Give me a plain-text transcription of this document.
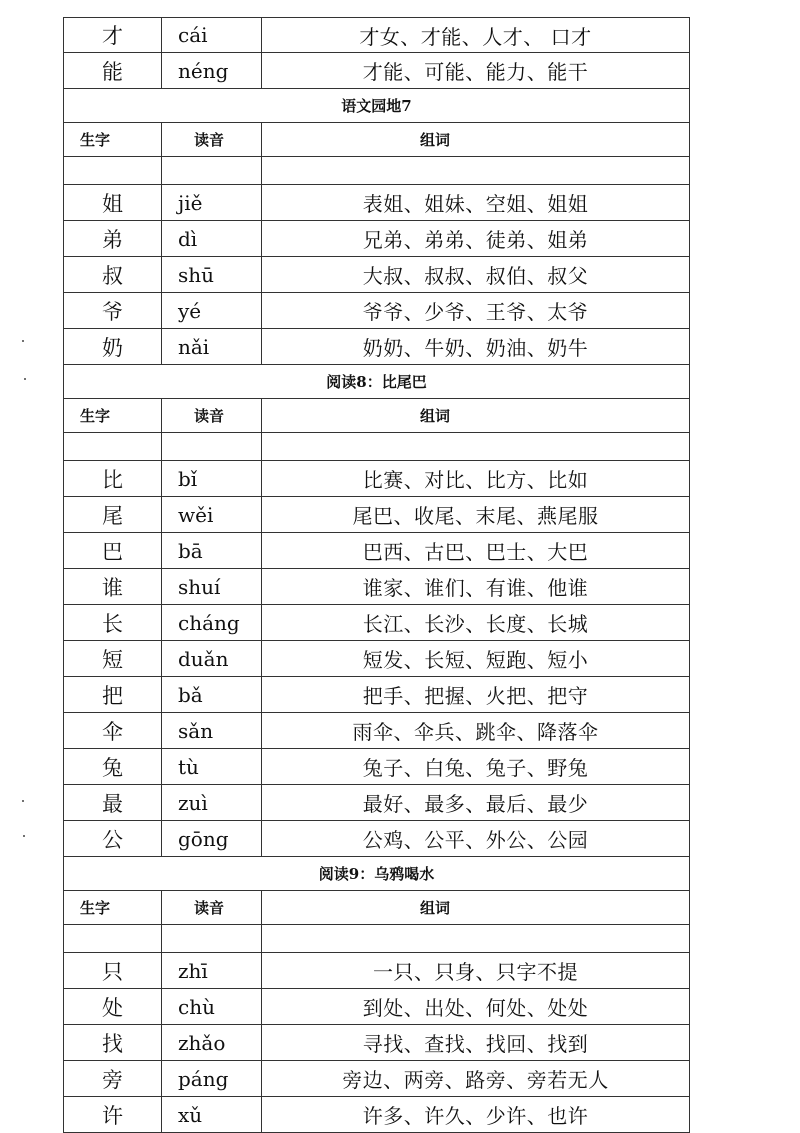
才	cái	才女、才能、人才、 口才
能	néng	才能、可能、能力、能干
语文园地7
生字	读音	组词
姐	jiě	表姐、姐妹、空姐、姐姐
弟	dì	兄弟、弟弟、徒弟、姐弟
叔	shū	大叔、叔叔、叔伯、叔父
爷	yé	爷爷、少爷、王爷、太爷
奶	nǎi	奶奶、牛奶、奶油、奶牛
阅读8：比尾巴
生字	读音	组词
比	bǐ	比赛、对比、比方、比如
尾	wěi	尾巴、收尾、末尾、燕尾服
巴	bā	巴西、古巴、巴士、大巴
谁	shuí	谁家、谁们、有谁、他谁
长	cháng	长江、长沙、长度、长城
短	duǎn	短发、长短、短跑、短小
把	bǎ	把手、把握、火把、把守
伞	sǎn	雨伞、伞兵、跳伞、降落伞
兔	tù	兔子、白兔、兔子、野兔
最	zuì	最好、最多、最后、最少
公	gōng	公鸡、公平、外公、公园
阅读9：乌鸦喝水
生字	读音	组词
只	zhī	一只、只身、只字不提
处	chù	到处、出处、何处、处处
找	zhǎo	寻找、查找、找回、找到
旁	páng	旁边、两旁、路旁、旁若无人
许	xǔ	许多、许久、少许、也许
